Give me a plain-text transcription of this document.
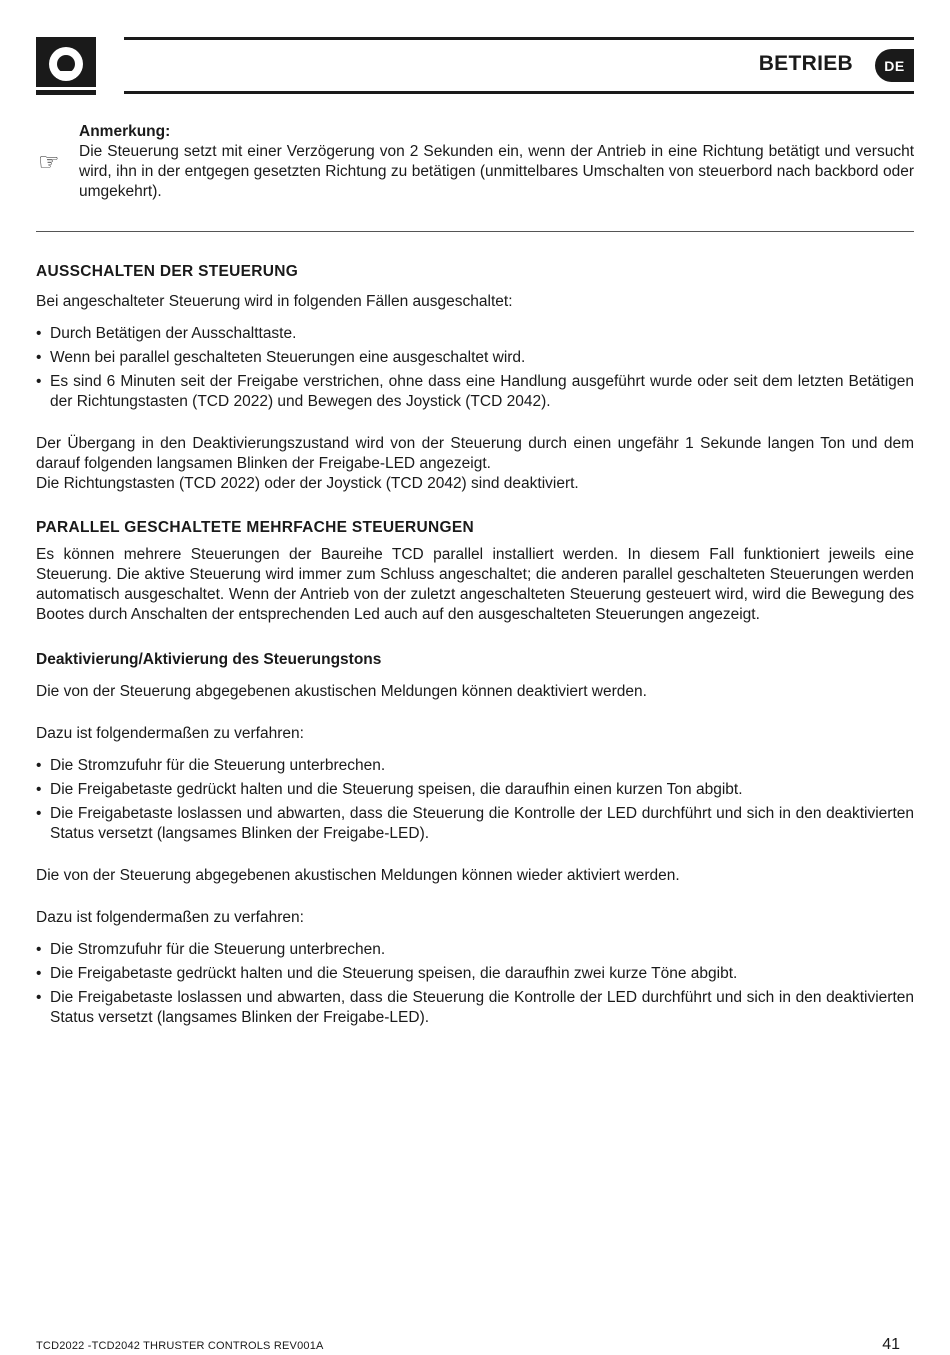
BETRIEB	DE
☞
Anmerkung:
Die Steuerung setzt mit einer Verzögerung von 2 Sekunden ein, wenn der Antrieb in eine Richtung betätigt und versucht wird, ihn in der entgegen gesetzten Richtung zu betätigen (unmittelbares Umschalten von steuerbord nach backbord oder umgekehrt).
AUSSCHALTEN DER STEUERUNG

Bei angeschalteter Steuerung wird in folgenden Fällen ausgeschaltet:

• Durch Betätigen der Ausschalttaste.
• Wenn bei parallel geschalteten Steuerungen eine ausgeschaltet wird.
• Es sind 6 Minuten seit der Freigabe verstrichen, ohne dass eine Handlung ausgeführt wurde oder seit dem letzten Betätigen der Richtungstasten (TCD 2022) und Bewegen des Joystick (TCD 2042).

Der Übergang in den Deaktivierungszustand wird von der Steuerung durch einen ungefähr 1 Sekunde langen Ton und dem darauf folgenden langsamen Blinken der Freigabe-LED angezeigt.

Die Richtungstasten (TCD 2022) oder der Joystick (TCD 2042) sind deaktiviert.

PARALLEL GESCHALTETE MEHRFACHE STEUERUNGEN

Es können mehrere Steuerungen der Baureihe TCD parallel installiert werden. In diesem Fall funktioniert jeweils eine Steuerung. Die aktive Steuerung wird immer zum Schluss angeschaltet; die anderen parallel geschalteten Steuerungen werden automatisch ausgeschaltet. Wenn der Antrieb von der zuletzt angeschalteten Steuerung gesteuert wird, wird die Bewegung des Bootes durch Anschalten der entsprechenden Led auch auf den ausgeschalteten Steuerungen angezeigt.

Deaktivierung/Aktivierung des Steuerungstons

Die von der Steuerung abgegebenen akustischen Meldungen können deaktiviert werden.

Dazu ist folgendermaßen zu verfahren:

• Die Stromzufuhr für die Steuerung unterbrechen.
• Die Freigabetaste gedrückt halten und die Steuerung speisen, die daraufhin einen kurzen Ton abgibt.
• Die Freigabetaste loslassen und abwarten, dass die Steuerung die Kontrolle der LED durchführt und sich in den deaktivierten Status versetzt (langsames Blinken der Freigabe-LED).

Die von der Steuerung abgegebenen akustischen Meldungen können wieder aktiviert werden.

Dazu ist folgendermaßen zu verfahren:

• Die Stromzufuhr für die Steuerung unterbrechen.
• Die Freigabetaste gedrückt halten und die Steuerung speisen, die daraufhin zwei kurze Töne abgibt.
• Die Freigabetaste loslassen und abwarten, dass die Steuerung die Kontrolle der LED durchführt und sich in den deaktivierten Status versetzt (langsames Blinken der Freigabe-LED).
TCD2022 -TCD2042 THRUSTER CONTROLS REV001A	41
